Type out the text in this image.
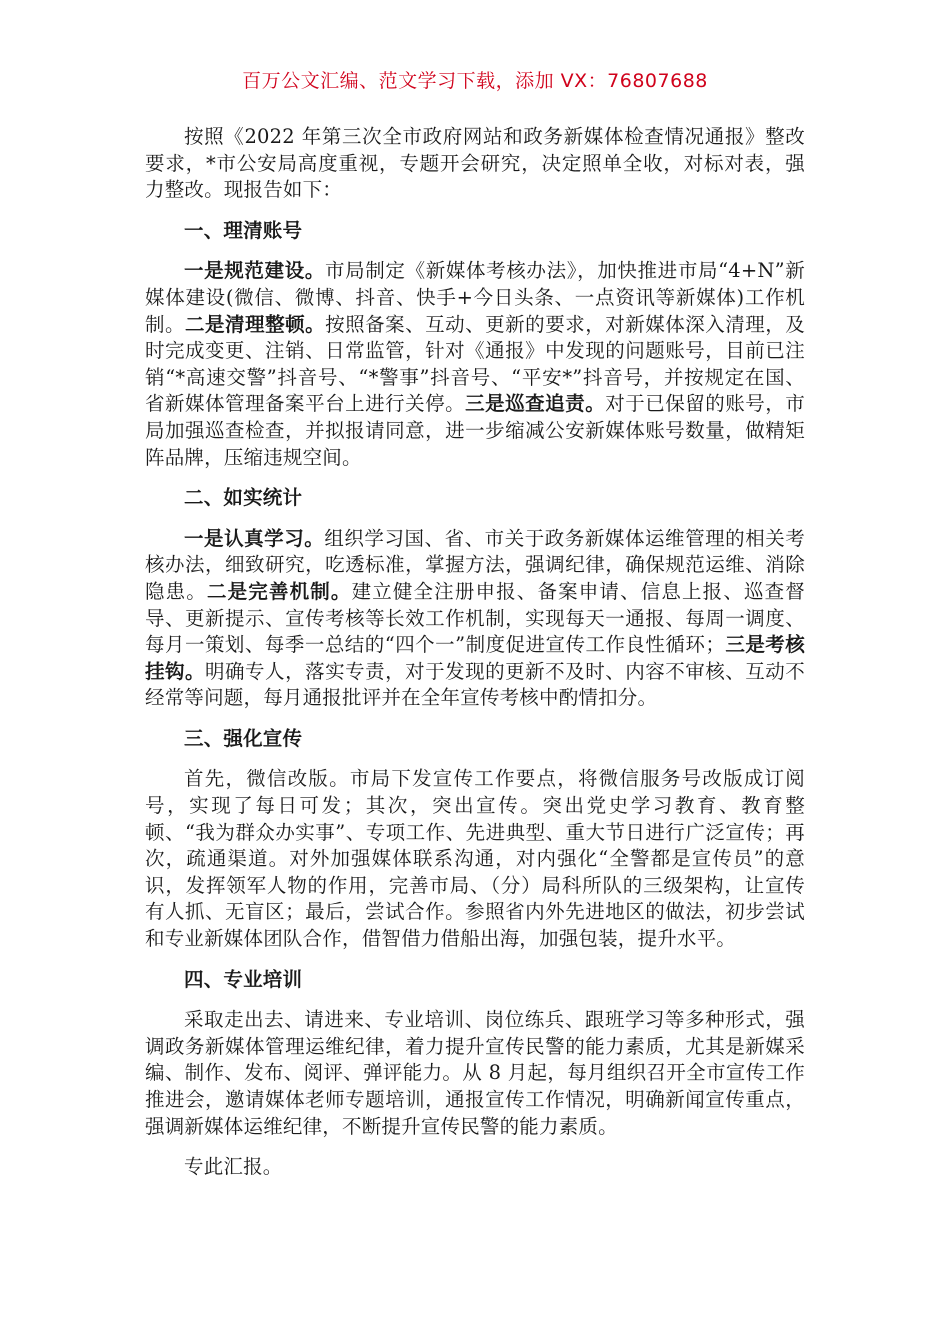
百万公文汇编、范文学习下载，添加 VX：76807688

按照《2022 年第三次全市政府网站和政务新媒体检查情况通报》整改要求，*市公安局高度重视，专题开会研究，决定照单全收，对标对表，强力整改。现报告如下：

一、理清账号

一是规范建设。市局制定《新媒体考核办法》，加快推进市局“4+N”新媒体建设(微信、微博、抖音、快手+今日头条、一点资讯等新媒体)工作机制。二是清理整顿。按照备案、互动、更新的要求，对新媒体深入清理，及时完成变更、注销、日常监管，针对《通报》中发现的问题账号，目前已注销“*高速交警”抖音号、“*警事”抖音号、“平安*”抖音号，并按规定在国、省新媒体管理备案平台上进行关停。三是巡查追责。对于已保留的账号，市局加强巡查检查，并拟报请同意，进一步缩减公安新媒体账号数量，做精矩阵品牌，压缩违规空间。

二、如实统计

一是认真学习。组织学习国、省、市关于政务新媒体运维管理的相关考核办法，细致研究，吃透标准，掌握方法，强调纪律，确保规范运维、消除隐患。二是完善机制。建立健全注册申报、备案申请、信息上报、巡查督导、更新提示、宣传考核等长效工作机制，实现每天一通报、每周一调度、每月一策划、每季一总结的“四个一”制度促进宣传工作良性循环；三是考核挂钩。明确专人，落实专责，对于发现的更新不及时、内容不审核、互动不经常等问题，每月通报批评并在全年宣传考核中酌情扣分。

三、强化宣传

首先，微信改版。市局下发宣传工作要点，将微信服务号改版成订阅号，实现了每日可发；其次，突出宣传。突出党史学习教育、教育整顿、“我为群众办实事”、专项工作、先进典型、重大节日进行广泛宣传；再次，疏通渠道。对外加强媒体联系沟通，对内强化“全警都是宣传员”的意识，发挥领军人物的作用，完善市局、（分）局科所队的三级架构，让宣传有人抓、无盲区；最后，尝试合作。参照省内外先进地区的做法，初步尝试和专业新媒体团队合作，借智借力借船出海，加强包装，提升水平。

四、专业培训

采取走出去、请进来、专业培训、岗位练兵、跟班学习等多种形式，强调政务新媒体管理运维纪律，着力提升宣传民警的能力素质，尤其是新媒采编、制作、发布、阅评、弹评能力。从 8 月起，每月组织召开全市宣传工作推进会，邀请媒体老师专题培训，通报宣传工作情况，明确新闻宣传重点，强调新媒体运维纪律，不断提升宣传民警的能力素质。

专此汇报。
